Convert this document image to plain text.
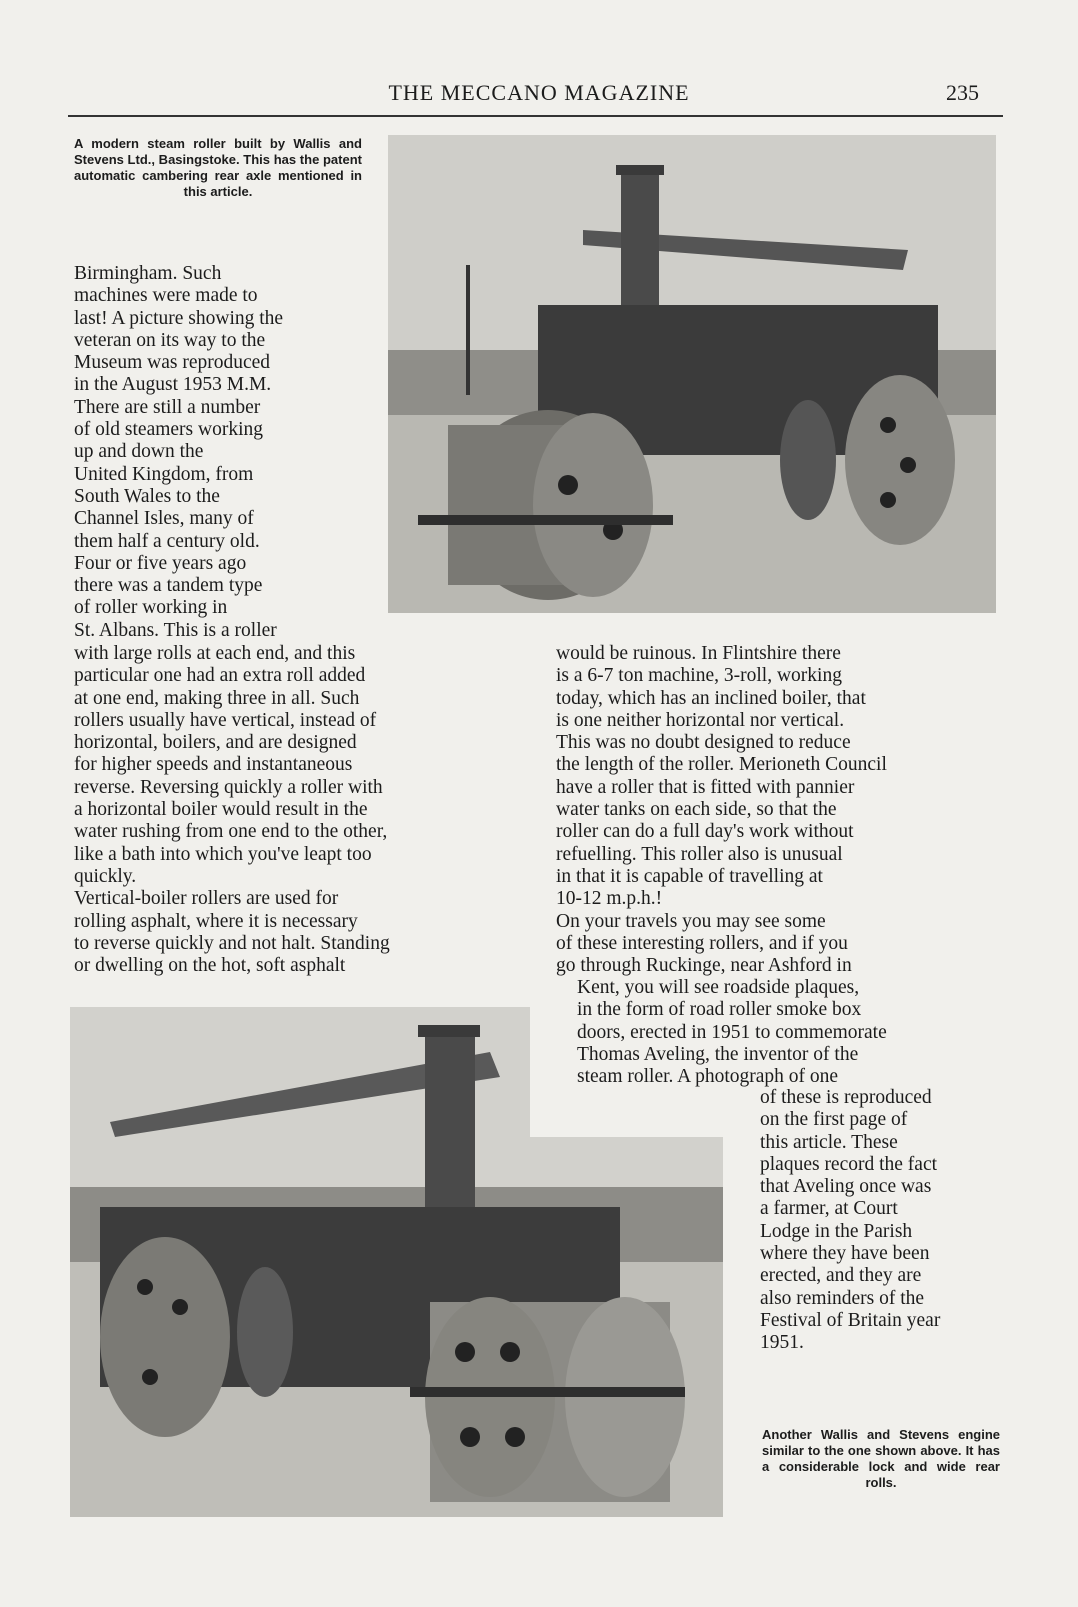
THE MECCANO MAGAZINE	235
A modern steam roller built by Wallis and Stevens Ltd., Basingstoke. This has the patent automatic cambering rear axle mentioned in this article.
Birmingham. Such
machines were made to
last! A picture showing the
veteran on its way to the
Museum was reproduced
in the August 1953 M.M.
There are still a number
of old steamers working
up and down the
United Kingdom, from
South Wales to the
Channel Isles, many of
them half a century old.
Four or five years ago
there was a tandem type
of roller working in
St. Albans. This is a roller
with large rolls at each end, and this
particular one had an extra roll added
at one end, making three in all. Such
rollers usually have vertical, instead of
horizontal, boilers, and are designed
for higher speeds and instantaneous
reverse. Reversing quickly a roller with
a horizontal boiler would result in the
water rushing from one end to the other,
like a bath into which you've leapt too
quickly.
Vertical-boiler rollers are used for
rolling asphalt, where it is necessary
to reverse quickly and not halt. Standing
or dwelling on the hot, soft asphalt
would be ruinous. In Flintshire there
is a 6-7 ton machine, 3-roll, working
today, which has an inclined boiler, that
is one neither horizontal nor vertical.
This was no doubt designed to reduce
the length of the roller. Merioneth Council
have a roller that is fitted with pannier
water tanks on each side, so that the
roller can do a full day's work without
refuelling. This roller also is unusual
in that it is capable of travelling at
10-12 m.p.h.!
On your travels you may see some
of these interesting rollers, and if you
go through Ruckinge, near Ashford in
Kent, you will see roadside plaques,
in the form of road roller smoke box
doors, erected in 1951 to commemorate
Thomas Aveling, the inventor of the
steam roller. A photograph of one
of these is reproduced
on the first page of
this article. These
plaques record the fact
that Aveling once was
a farmer, at Court
Lodge in the Parish
where they have been
erected, and they are
also reminders of the
Festival of Britain year
1951.
Another Wallis and Stevens engine similar to the one shown above. It has a considerable lock and wide rear rolls.
